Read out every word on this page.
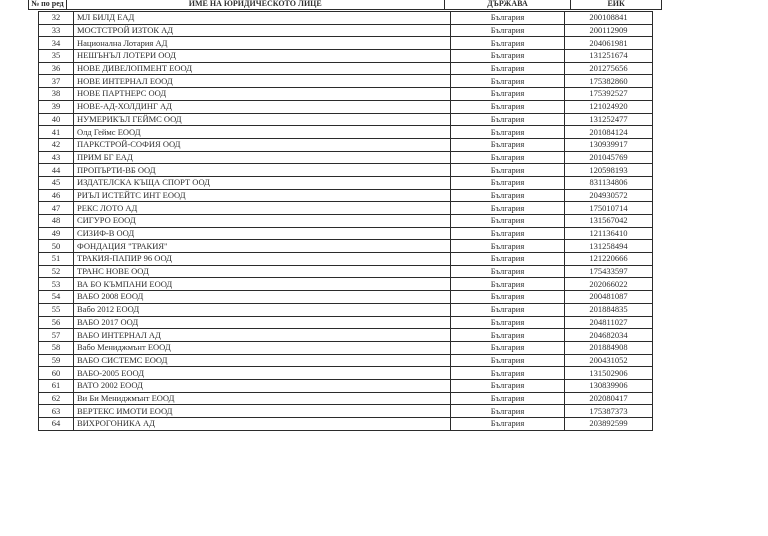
№ по ред	ИМЕ НА ЮРИДИЧЕСКОТО ЛИЦЕ	ДЪРЖАВА	ЕИК
32	МЛ БИЛД ЕАД	България	200108841
33	МОСТСТРОЙ ИЗТОК АД	България	200112909
34	Национална Лотария АД	България	204061981
35	НЕШЪНЪЛ ЛОТЕРИ ООД	България	131251674
36	НОВЕ ДИВЕЛОПМЕНТ ЕООД	България	201275656
37	НОВЕ ИНТЕРНАЛ ЕООД	България	175382860
38	НОВЕ ПАРТНЕРС ООД	България	175392527
39	НОВЕ-АД-ХОЛДИНГ АД	България	121024920
40	НУМЕРИКЪЛ ГЕЙМС ООД	България	131252477
41	Олд Геймс ЕООД	България	201084124
42	ПАРКСТРОЙ-СОФИЯ ООД	България	130939917
43	ПРИМ БГ ЕАД	България	201045769
44	ПРОПЪРТИ-ВБ ООД	България	120598193
45	ИЗДАТЕЛСКА КЪЩА СПОРТ ООД	България	831134806
46	РИЪЛ ИСТЕЙТС ИНТ ЕООД	България	204930572
47	РЕКС ЛОТО АД	България	175010714
48	СИГУРО ЕООД	България	131567042
49	СИЗИФ-В ООД	България	121136410
50	ФОНДАЦИЯ "ТРАКИЯ"	България	131258494
51	ТРАКИЯ-ПАПИР 96 ООД	България	121220666
52	ТРАНС НОВЕ ООД	България	175433597
53	ВА БО КЪМПАНИ ЕООД	България	202066022
54	ВАБО 2008 ЕООД	България	200481087
55	Вабо 2012 ЕООД	България	201884835
56	ВАБО 2017 ООД	България	204811027
57	ВАБО ИНТЕРНАЛ АД	България	204682034
58	Вабо Мениджмънт ЕООД	България	201884908
59	ВАБО СИСТЕМС ЕООД	България	200431052
60	ВАБО-2005 ЕООД	България	131502906
61	ВАТО 2002 ЕООД	България	130839906
62	Ви Би Мениджмънт ЕООД	България	202080417
63	ВЕРТЕКС ИМОТИ ЕООД	България	175387373
64	ВИХРОГОНИКА АД	България	203892599
